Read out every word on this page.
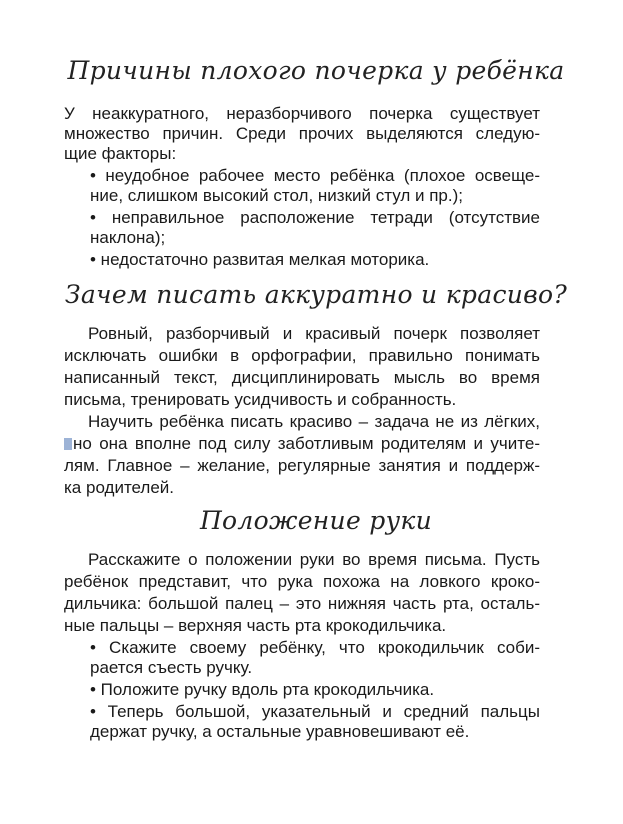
Причины плохого почерка у ребёнка

У неаккуратного, неразборчивого почерка существует

множество причин. Среди прочих выделяются следую-

щие факторы:

• неудобное рабочее место ребёнка (плохое освеще-

ние, слишком высокий стол, низкий стул и пр.);

• неправильное расположение тетради (отсутствие

наклона);

• недостаточно развитая мелкая моторика.

Зачем писать аккуратно и красиво?

Ровный, разборчивый и красивый почерк позволяет

исключать ошибки в орфографии, правильно понимать

написанный текст, дисциплинировать мысль во время

письма, тренировать усидчивость и собранность.

Научить ребёнка писать красиво – задача не из лёгких,

но она вполне под силу заботливым родителям и учите-

лям. Главное – желание, регулярные занятия и поддерж-

ка родителей.

Положение руки

Расскажите о положении руки во время письма. Пусть

ребёнок представит, что рука похожа на ловкого кроко-

дильчика: большой палец – это нижняя часть рта, осталь-

ные пальцы – верхняя часть рта крокодильчика.

• Скажите своему ребёнку, что крокодильчик соби-

рается съесть ручку.

• Положите ручку вдоль рта крокодильчика.

• Теперь большой, указательный и средний пальцы

держат ручку, а остальные уравновешивают её.
